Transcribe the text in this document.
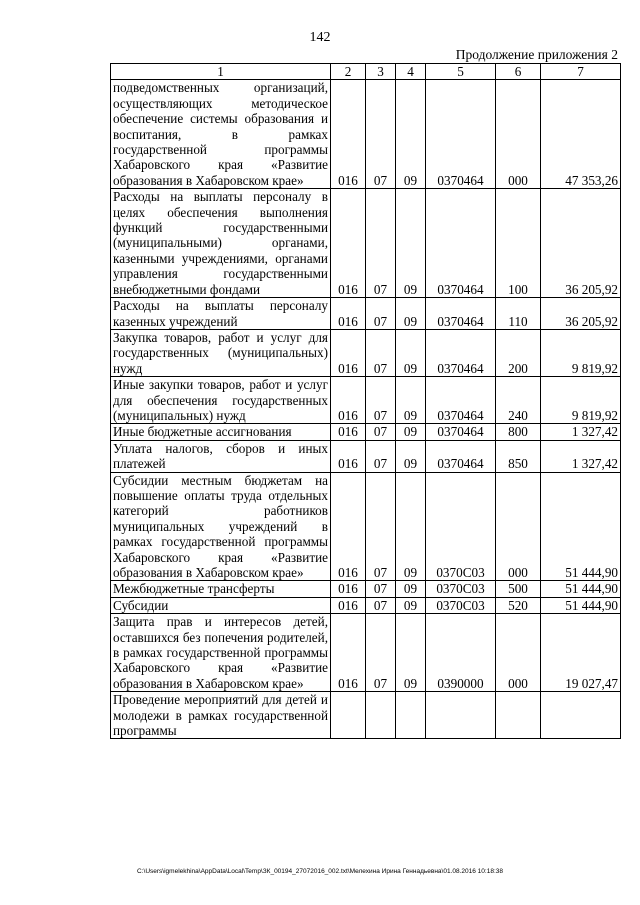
142
Продолжение приложения 2
1	2	3	4	5	6	7
подведомственных организаций, осуществляющих методическое обеспечение системы образования и воспитания, в рамках государственной программы Хабаровского края «Развитие образования в Хабаровском крае»	016	07	09	0370464	000	47 353,26
Расходы на выплаты персоналу в целях обеспечения выполнения функций государственными (муниципальными) органами, казенными учреждениями, органами управления государственными внебюджетными фондами	016	07	09	0370464	100	36 205,92
Расходы на выплаты персоналу казенных учреждений	016	07	09	0370464	110	36 205,92
Закупка товаров, работ и услуг для государственных (муниципальных) нужд	016	07	09	0370464	200	9 819,92
Иные закупки товаров, работ и услуг для обеспечения государственных (муниципальных) нужд	016	07	09	0370464	240	9 819,92
Иные бюджетные ассигнования	016	07	09	0370464	800	1 327,42
Уплата налогов, сборов и иных платежей	016	07	09	0370464	850	1 327,42
Субсидии местным бюджетам на повышение оплаты труда отдельных категорий работников муниципальных учреждений в рамках государственной программы Хабаровского края «Развитие образования в Хабаровском крае»	016	07	09	0370С03	000	51 444,90
Межбюджетные трансферты	016	07	09	0370С03	500	51 444,90
Субсидии	016	07	09	0370С03	520	51 444,90
Защита прав и интересов детей, оставшихся без попечения родителей, в рамках государственной программы Хабаровского края «Развитие образования в Хабаровском крае»	016	07	09	0390000	000	19 027,47
Проведение мероприятий для детей и молодежи в рамках государственной программы						
C:\Users\igmelekhina\AppData\Local\Temp\ЗК_00194_27072016_002.txt\Мелехина Ирина Геннадьевна\01.08.2016 10:18:38
